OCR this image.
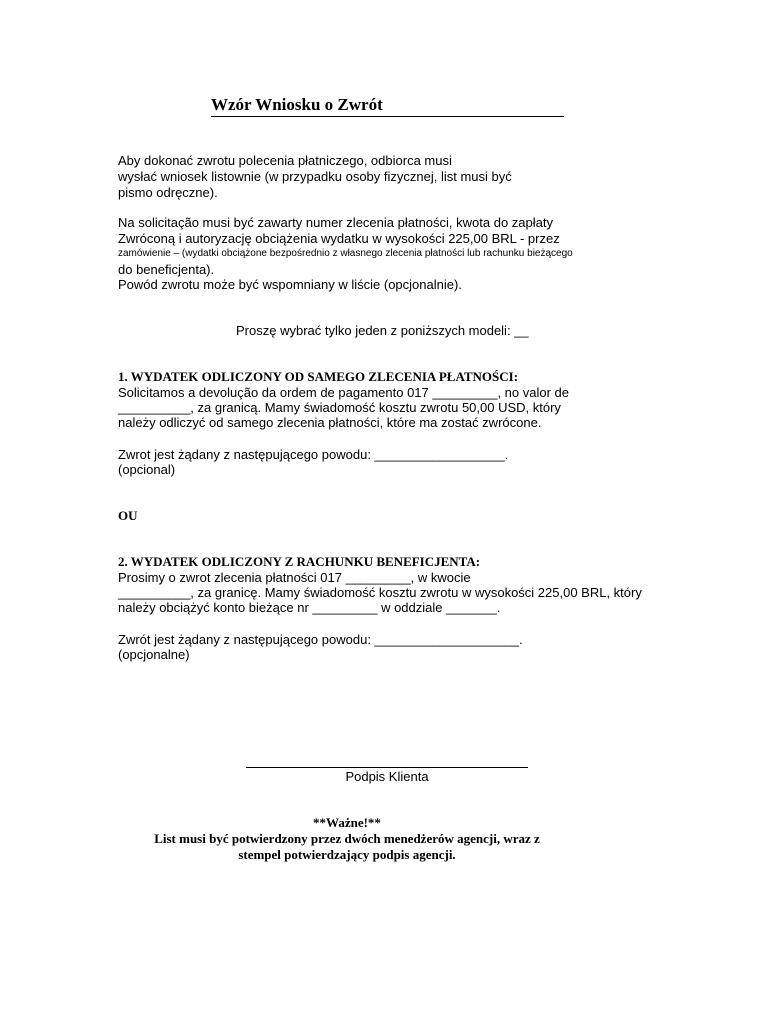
Wzór Wniosku o Zwrót
Aby dokonać zwrotu polecenia płatniczego, odbiorca musi
wysłać wniosek listownie (w przypadku osoby fizycznej, list musi być
pismo odręczne).
Na solicitação musi być zawarty numer zlecenia płatności, kwota do zapłaty
Zwróconą i autoryzację obciążenia wydatku w wysokości 225,00 BRL - przez
zamówienie – (wydatki obciążone bezpośrednio z własnego zlecenia płatności lub rachunku bieżącego
do beneficjenta).
Powód zwrotu może być wspomniany w liście (opcjonalnie).
Proszę wybrać tylko jeden z poniższych modeli: __
1. WYDATEK ODLICZONY OD SAMEGO ZLECENIA PŁATNOŚCI:
Solicitamos a devolução da ordem de pagamento 017 _________, no valor de
__________, za granicą. Mamy świadomość kosztu zwrotu 50,00 USD, który
należy odliczyć od samego zlecenia płatności, które ma zostać zwrócone.
Zwrot jest żądany z następującego powodu: __________________.
(opcional)
OU
2. WYDATEK ODLICZONY Z RACHUNKU BENEFICJENTA:
Prosimy o zwrot zlecenia płatności 017 _________, w kwocie
__________, za granicę. Mamy świadomość kosztu zwrotu w wysokości 225,00 BRL, który
należy obciążyć konto bieżące nr _________ w oddziale _______.
Zwrót jest żądany z następującego powodu: ____________________.
(opcjonalne)
Podpis Klienta
**Ważne!**
List musi być potwierdzony przez dwóch menedżerów agencji, wraz z
stempel potwierdzający podpis agencji.
